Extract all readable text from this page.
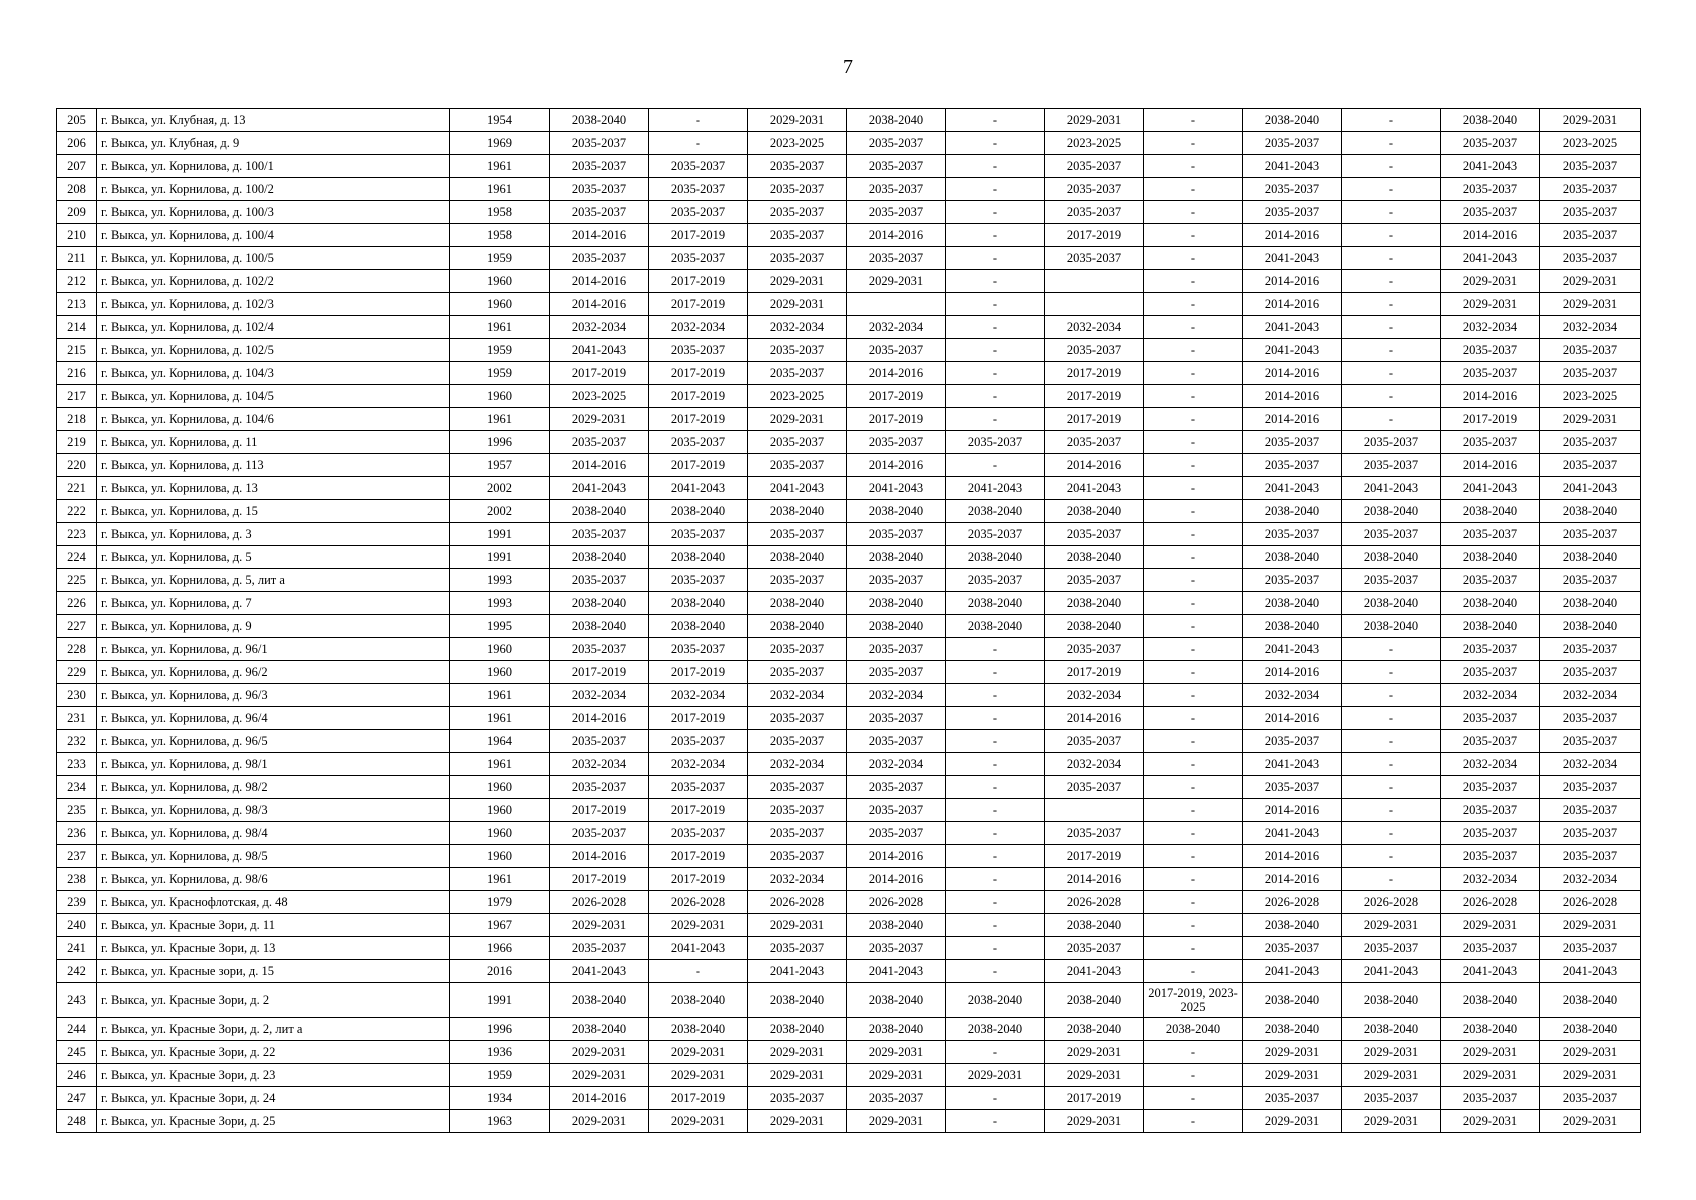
7
205	г. Выкса, ул. Клубная, д. 13	1954	2038-2040	-	2029-2031	2038-2040	-	2029-2031	-	2038-2040	-	2038-2040	2029-2031
206	г. Выкса, ул. Клубная, д. 9	1969	2035-2037	-	2023-2025	2035-2037	-	2023-2025	-	2035-2037	-	2035-2037	2023-2025
207	г. Выкса, ул. Корнилова, д. 100/1	1961	2035-2037	2035-2037	2035-2037	2035-2037	-	2035-2037	-	2041-2043	-	2041-2043	2035-2037
208	г. Выкса, ул. Корнилова, д. 100/2	1961	2035-2037	2035-2037	2035-2037	2035-2037	-	2035-2037	-	2035-2037	-	2035-2037	2035-2037
209	г. Выкса, ул. Корнилова, д. 100/3	1958	2035-2037	2035-2037	2035-2037	2035-2037	-	2035-2037	-	2035-2037	-	2035-2037	2035-2037
210	г. Выкса, ул. Корнилова, д. 100/4	1958	2014-2016	2017-2019	2035-2037	2014-2016	-	2017-2019	-	2014-2016	-	2014-2016	2035-2037
211	г. Выкса, ул. Корнилова, д. 100/5	1959	2035-2037	2035-2037	2035-2037	2035-2037	-	2035-2037	-	2041-2043	-	2041-2043	2035-2037
212	г. Выкса, ул. Корнилова, д. 102/2	1960	2014-2016	2017-2019	2029-2031	2029-2031	-		-	2014-2016	-	2029-2031	2029-2031
213	г. Выкса, ул. Корнилова, д. 102/3	1960	2014-2016	2017-2019	2029-2031		-		-	2014-2016	-	2029-2031	2029-2031
214	г. Выкса, ул. Корнилова, д. 102/4	1961	2032-2034	2032-2034	2032-2034	2032-2034	-	2032-2034	-	2041-2043	-	2032-2034	2032-2034
215	г. Выкса, ул. Корнилова, д. 102/5	1959	2041-2043	2035-2037	2035-2037	2035-2037	-	2035-2037	-	2041-2043	-	2035-2037	2035-2037
216	г. Выкса, ул. Корнилова, д. 104/3	1959	2017-2019	2017-2019	2035-2037	2014-2016	-	2017-2019	-	2014-2016	-	2035-2037	2035-2037
217	г. Выкса, ул. Корнилова, д. 104/5	1960	2023-2025	2017-2019	2023-2025	2017-2019	-	2017-2019	-	2014-2016	-	2014-2016	2023-2025
218	г. Выкса, ул. Корнилова, д. 104/6	1961	2029-2031	2017-2019	2029-2031	2017-2019	-	2017-2019	-	2014-2016	-	2017-2019	2029-2031
219	г. Выкса, ул. Корнилова, д. 11	1996	2035-2037	2035-2037	2035-2037	2035-2037	2035-2037	2035-2037	-	2035-2037	2035-2037	2035-2037	2035-2037
220	г. Выкса, ул. Корнилова, д. 113	1957	2014-2016	2017-2019	2035-2037	2014-2016	-	2014-2016	-	2035-2037	2035-2037	2014-2016	2035-2037
221	г. Выкса, ул. Корнилова, д. 13	2002	2041-2043	2041-2043	2041-2043	2041-2043	2041-2043	2041-2043	-	2041-2043	2041-2043	2041-2043	2041-2043
222	г. Выкса, ул. Корнилова, д. 15	2002	2038-2040	2038-2040	2038-2040	2038-2040	2038-2040	2038-2040	-	2038-2040	2038-2040	2038-2040	2038-2040
223	г. Выкса, ул. Корнилова, д. 3	1991	2035-2037	2035-2037	2035-2037	2035-2037	2035-2037	2035-2037	-	2035-2037	2035-2037	2035-2037	2035-2037
224	г. Выкса, ул. Корнилова, д. 5	1991	2038-2040	2038-2040	2038-2040	2038-2040	2038-2040	2038-2040	-	2038-2040	2038-2040	2038-2040	2038-2040
225	г. Выкса, ул. Корнилова, д. 5, лит а	1993	2035-2037	2035-2037	2035-2037	2035-2037	2035-2037	2035-2037	-	2035-2037	2035-2037	2035-2037	2035-2037
226	г. Выкса, ул. Корнилова, д. 7	1993	2038-2040	2038-2040	2038-2040	2038-2040	2038-2040	2038-2040	-	2038-2040	2038-2040	2038-2040	2038-2040
227	г. Выкса, ул. Корнилова, д. 9	1995	2038-2040	2038-2040	2038-2040	2038-2040	2038-2040	2038-2040	-	2038-2040	2038-2040	2038-2040	2038-2040
228	г. Выкса, ул. Корнилова, д. 96/1	1960	2035-2037	2035-2037	2035-2037	2035-2037	-	2035-2037	-	2041-2043	-	2035-2037	2035-2037
229	г. Выкса, ул. Корнилова, д. 96/2	1960	2017-2019	2017-2019	2035-2037	2035-2037	-	2017-2019	-	2014-2016	-	2035-2037	2035-2037
230	г. Выкса, ул. Корнилова, д. 96/3	1961	2032-2034	2032-2034	2032-2034	2032-2034	-	2032-2034	-	2032-2034	-	2032-2034	2032-2034
231	г. Выкса, ул. Корнилова, д. 96/4	1961	2014-2016	2017-2019	2035-2037	2035-2037	-	2014-2016	-	2014-2016	-	2035-2037	2035-2037
232	г. Выкса, ул. Корнилова, д. 96/5	1964	2035-2037	2035-2037	2035-2037	2035-2037	-	2035-2037	-	2035-2037	-	2035-2037	2035-2037
233	г. Выкса, ул. Корнилова, д. 98/1	1961	2032-2034	2032-2034	2032-2034	2032-2034	-	2032-2034	-	2041-2043	-	2032-2034	2032-2034
234	г. Выкса, ул. Корнилова, д. 98/2	1960	2035-2037	2035-2037	2035-2037	2035-2037	-	2035-2037	-	2035-2037	-	2035-2037	2035-2037
235	г. Выкса, ул. Корнилова, д. 98/3	1960	2017-2019	2017-2019	2035-2037	2035-2037	-		-	2014-2016	-	2035-2037	2035-2037
236	г. Выкса, ул. Корнилова, д. 98/4	1960	2035-2037	2035-2037	2035-2037	2035-2037	-	2035-2037	-	2041-2043	-	2035-2037	2035-2037
237	г. Выкса, ул. Корнилова, д. 98/5	1960	2014-2016	2017-2019	2035-2037	2014-2016	-	2017-2019	-	2014-2016	-	2035-2037	2035-2037
238	г. Выкса, ул. Корнилова, д. 98/6	1961	2017-2019	2017-2019	2032-2034	2014-2016	-	2014-2016	-	2014-2016	-	2032-2034	2032-2034
239	г. Выкса, ул. Краснофлотская, д. 48	1979	2026-2028	2026-2028	2026-2028	2026-2028	-	2026-2028	-	2026-2028	2026-2028	2026-2028	2026-2028
240	г. Выкса, ул. Красные Зори, д. 11	1967	2029-2031	2029-2031	2029-2031	2038-2040	-	2038-2040	-	2038-2040	2029-2031	2029-2031	2029-2031
241	г. Выкса, ул. Красные Зори, д. 13	1966	2035-2037	2041-2043	2035-2037	2035-2037	-	2035-2037	-	2035-2037	2035-2037	2035-2037	2035-2037
242	г. Выкса, ул. Красные зори, д. 15	2016	2041-2043	-	2041-2043	2041-2043	-	2041-2043	-	2041-2043	2041-2043	2041-2043	2041-2043
243	г. Выкса, ул. Красные Зори, д. 2	1991	2038-2040	2038-2040	2038-2040	2038-2040	2038-2040	2038-2040	2017-2019, 2023-2025	2038-2040	2038-2040	2038-2040	2038-2040
244	г. Выкса, ул. Красные Зори, д. 2, лит а	1996	2038-2040	2038-2040	2038-2040	2038-2040	2038-2040	2038-2040	2038-2040	2038-2040	2038-2040	2038-2040	2038-2040
245	г. Выкса, ул. Красные Зори, д. 22	1936	2029-2031	2029-2031	2029-2031	2029-2031	-	2029-2031	-	2029-2031	2029-2031	2029-2031	2029-2031
246	г. Выкса, ул. Красные Зори, д. 23	1959	2029-2031	2029-2031	2029-2031	2029-2031	2029-2031	2029-2031	-	2029-2031	2029-2031	2029-2031	2029-2031
247	г. Выкса, ул. Красные Зори, д. 24	1934	2014-2016	2017-2019	2035-2037	2035-2037	-	2017-2019	-	2035-2037	2035-2037	2035-2037	2035-2037
248	г. Выкса, ул. Красные Зори, д. 25	1963	2029-2031	2029-2031	2029-2031	2029-2031	-	2029-2031	-	2029-2031	2029-2031	2029-2031	2029-2031
